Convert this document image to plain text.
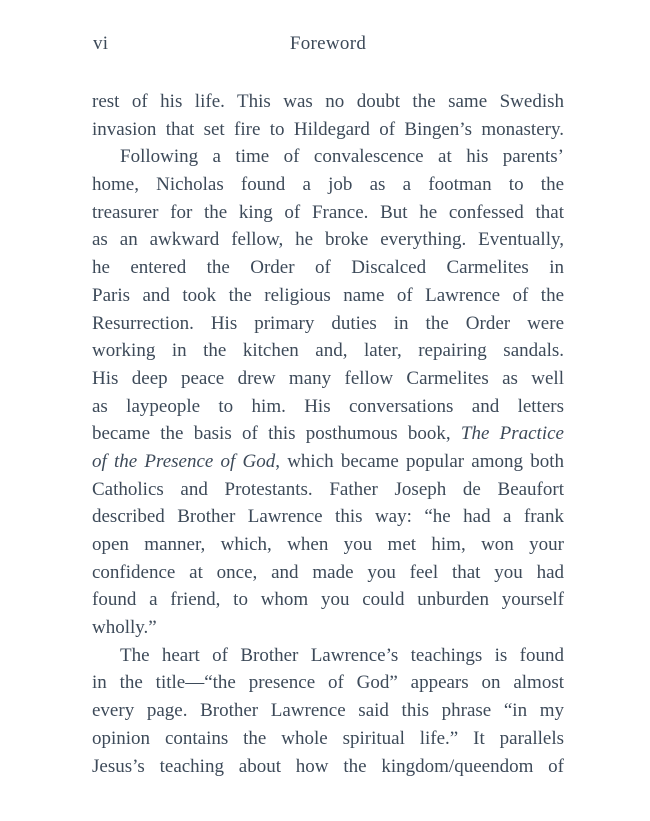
vi	Foreword
rest of his life. This was no doubt the same Swedish
invasion that set fire to Hildegard of Bingen’s monastery.
Following a time of convalescence at his parents’
home, Nicholas found a job as a footman to the
treasurer for the king of France. But he confessed that
as an awkward fellow, he broke everything. Eventually,
he entered the Order of Discalced Carmelites in
Paris and took the religious name of Lawrence of the
Resurrection. His primary duties in the Order were
working in the kitchen and, later, repairing sandals.
His deep peace drew many fellow Carmelites as well
as laypeople to him. His conversations and letters
became the basis of this posthumous book, The Practice
of the Presence of God, which became popular among both
Catholics and Protestants. Father Joseph de Beaufort
described Brother Lawrence this way: “he had a frank
open manner, which, when you met him, won your
confidence at once, and made you feel that you had
found a friend, to whom you could unburden yourself
wholly.”
The heart of Brother Lawrence’s teachings is found
in the title—“the presence of God” appears on almost
every page. Brother Lawrence said this phrase “in my
opinion contains the whole spiritual life.” It parallels
Jesus’s teaching about how the kingdom/queendom of
